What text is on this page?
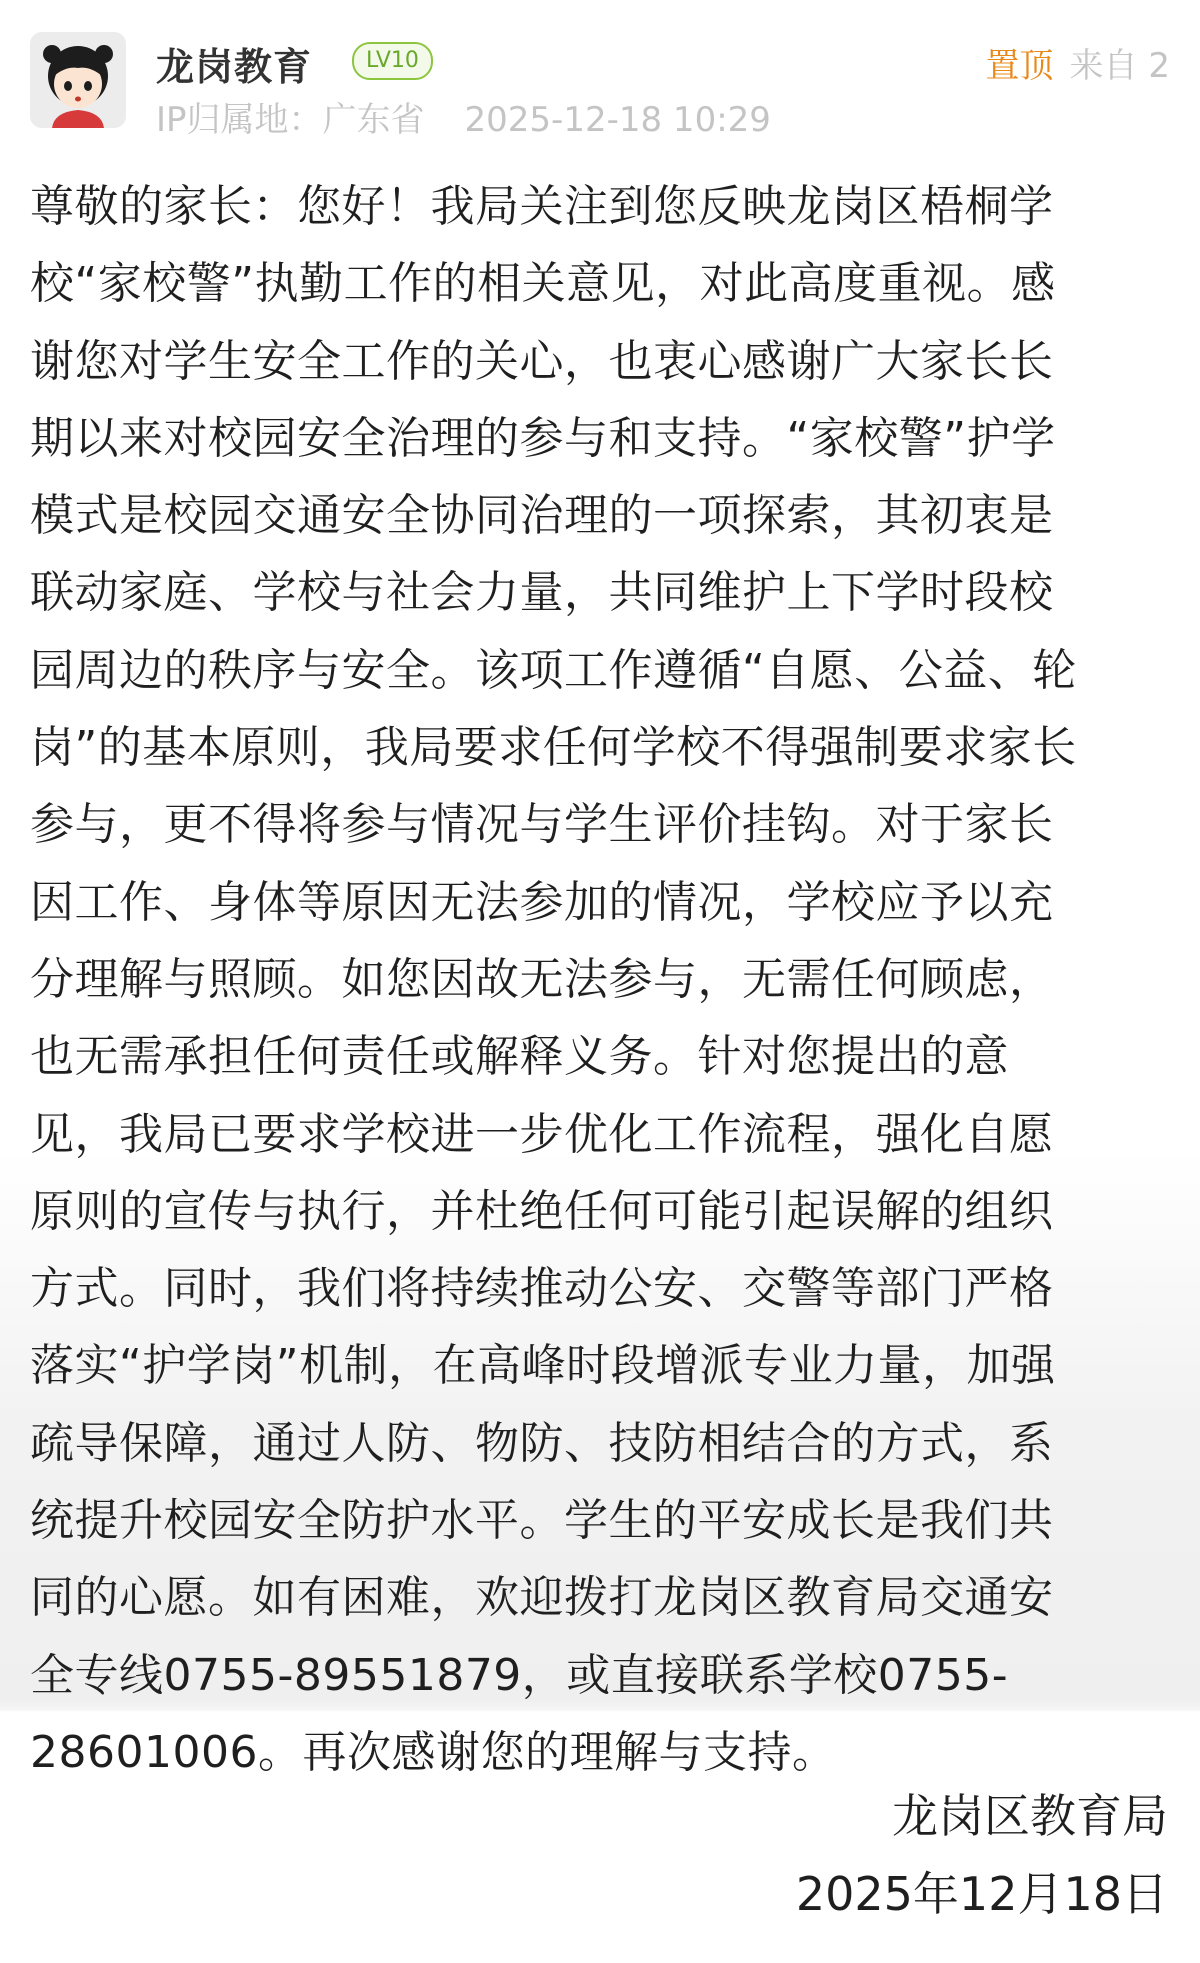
龙岗教育	LV10
IP归属地：广东省 2025-12-18 10:29
置顶 来自 2
尊敬的家长：您好！我局关注到您反映龙岗区梧桐学
校“家校警”执勤工作的相关意见，对此高度重视。感
谢您对学生安全工作的关心，也衷心感谢广大家长长
期以来对校园安全治理的参与和支持。“家校警”护学
模式是校园交通安全协同治理的一项探索，其初衷是
联动家庭、学校与社会力量，共同维护上下学时段校
园周边的秩序与安全。该项工作遵循“自愿、公益、轮
岗”的基本原则，我局要求任何学校不得强制要求家长
参与，更不得将参与情况与学生评价挂钩。对于家长
因工作、身体等原因无法参加的情况，学校应予以充
分理解与照顾。如您因故无法参与，无需任何顾虑，
也无需承担任何责任或解释义务。针对您提出的意
见，我局已要求学校进一步优化工作流程，强化自愿
原则的宣传与执行，并杜绝任何可能引起误解的组织
方式。同时，我们将持续推动公安、交警等部门严格
落实“护学岗”机制，在高峰时段增派专业力量，加强
疏导保障，通过人防、物防、技防相结合的方式，系
统提升校园安全防护水平。学生的平安成长是我们共
同的心愿。如有困难，欢迎拨打龙岗区教育局交通安
全专线0755-89551879，或直接联系学校0755-
28601006。再次感谢您的理解与支持。
龙岗区教育局
2025年12月18日
